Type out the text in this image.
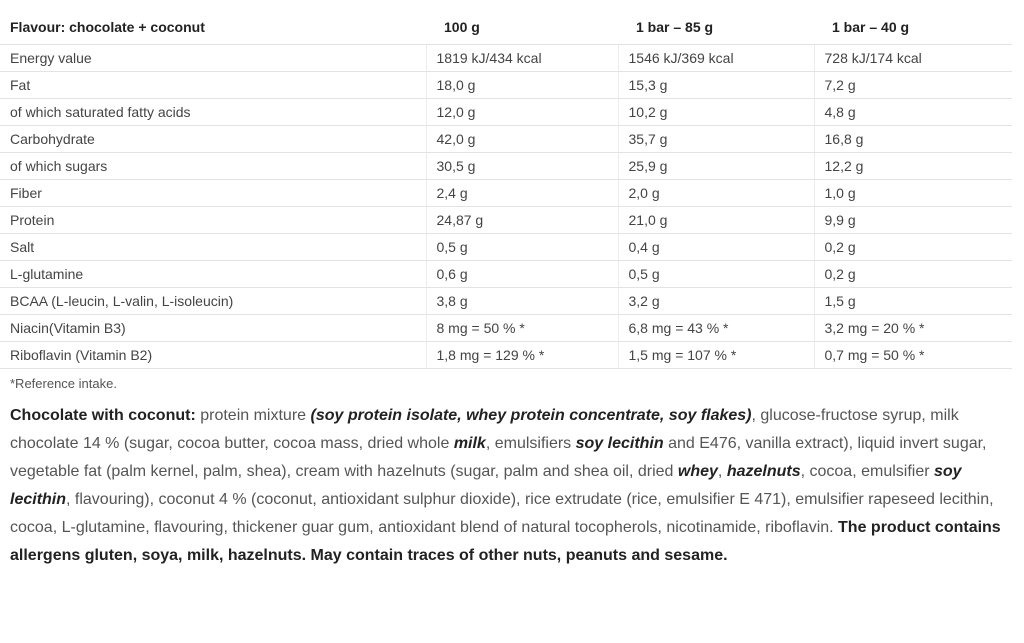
Flavour: chocolate + coconut	100 g	1 bar – 85 g	1 bar – 40 g
Energy value	1819 kJ/434 kcal	1546 kJ/369 kcal	728 kJ/174 kcal
Fat	18,0 g	15,3 g	7,2 g
of which saturated fatty acids	12,0 g	10,2 g	4,8 g
Carbohydrate	42,0 g	35,7 g	16,8 g
of which sugars	30,5 g	25,9 g	12,2 g
Fiber	2,4 g	2,0 g	1,0 g
Protein	24,87 g	21,0 g	9,9 g
Salt	0,5 g	0,4 g	0,2 g
L-glutamine	0,6 g	0,5 g	0,2 g
BCAA (L-leucin, L-valin, L-isoleucin)	3,8 g	3,2 g	1,5 g
Niacin(Vitamin B3)	8 mg = 50 % *	6,8 mg = 43 % *	3,2 mg = 20 % *
Riboflavin (Vitamin B2)	1,8 mg = 129 % *	1,5 mg = 107 % *	0,7 mg = 50 % *
*Reference intake.
Chocolate with coconut: protein mixture (soy protein isolate, whey protein concentrate, soy flakes), glucose-fructose syrup, milk chocolate 14 % (sugar, cocoa butter, cocoa mass, dried whole milk, emulsifiers soy lecithin and E476, vanilla extract), liquid invert sugar, vegetable fat (palm kernel, palm, shea), cream with hazelnuts (sugar, palm and shea oil, dried whey, hazelnuts, cocoa, emulsifier soy lecithin, flavouring), coconut 4 % (coconut, antioxidant sulphur dioxide), rice extrudate (rice, emulsifier E 471), emulsifier rapeseed lecithin, cocoa, L-glutamine, flavouring, thickener guar gum, antioxidant blend of natural tocopherols, nicotinamide, riboflavin. The product contains allergens gluten, soya, milk, hazelnuts. May contain traces of other nuts, peanuts and sesame.
